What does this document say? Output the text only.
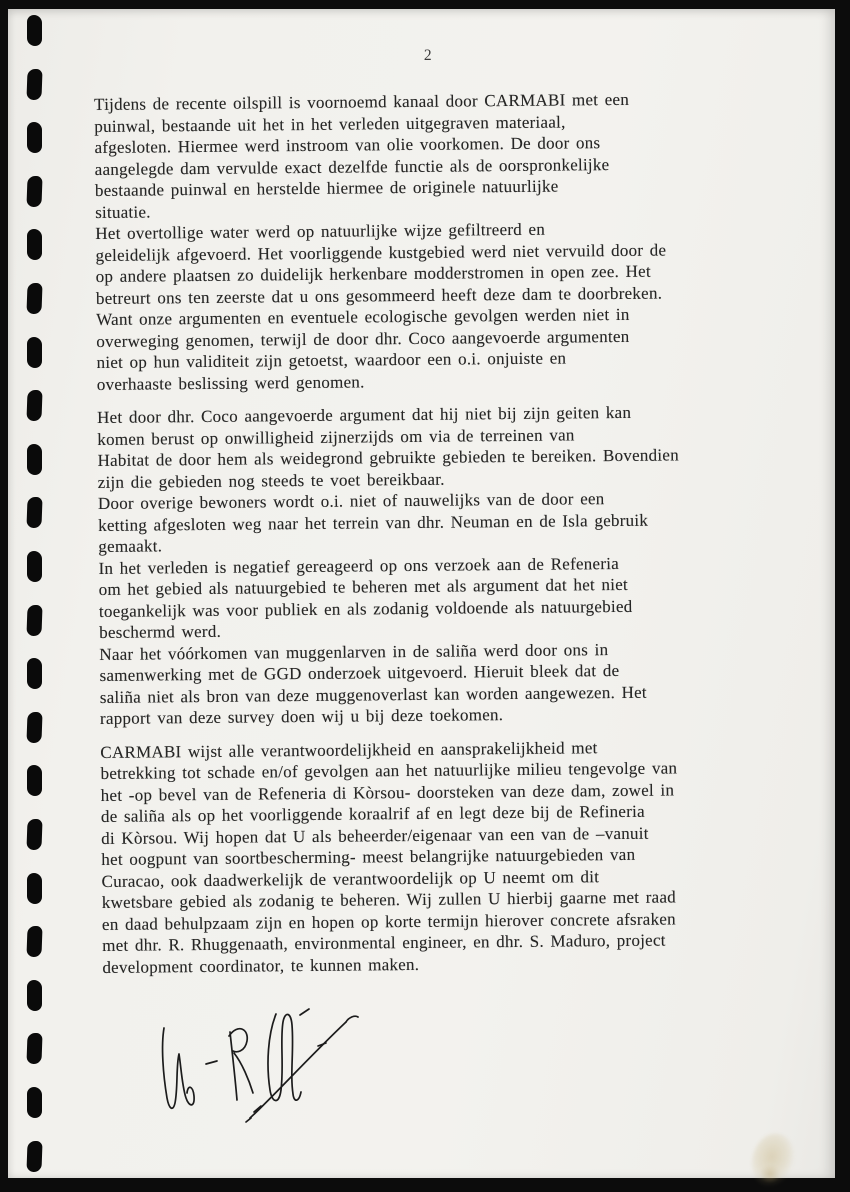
2
Tijdens de recente oilspill is voornoemd kanaal door CARMABI met een
puinwal, bestaande uit het in het verleden uitgegraven materiaal,
afgesloten. Hiermee werd instroom van olie voorkomen. De door ons
aangelegde dam vervulde exact dezelfde functie als de oorspronkelijke
bestaande puinwal en herstelde hiermee de originele natuurlijke
situatie.
Het overtollige water werd op natuurlijke wijze gefiltreerd en
geleidelijk afgevoerd. Het voorliggende kustgebied werd niet vervuild door de
op andere plaatsen zo duidelijk herkenbare modderstromen in open zee. Het
betreurt ons ten zeerste dat u ons gesommeerd heeft deze dam te doorbreken.
Want onze argumenten en eventuele ecologische gevolgen werden niet in
overweging genomen, terwijl de door dhr. Coco aangevoerde argumenten
niet op hun validiteit zijn getoetst, waardoor een o.i. onjuiste en
overhaaste beslissing werd genomen.
Het door dhr. Coco aangevoerde argument dat hij niet bij zijn geiten kan
komen berust op onwilligheid zijnerzijds om via de terreinen van
Habitat de door hem als weidegrond gebruikte gebieden te bereiken. Bovendien
zijn die gebieden nog steeds te voet bereikbaar.
Door overige bewoners wordt o.i. niet of nauwelijks van de door een
ketting afgesloten weg naar het terrein van dhr. Neuman en de Isla gebruik
gemaakt.
In het verleden is negatief gereageerd op ons verzoek aan de Refeneria
om het gebied als natuurgebied te beheren met als argument dat het niet
toegankelijk was voor publiek en als zodanig voldoende als natuurgebied
beschermd werd.
Naar het vóórkomen van muggenlarven in de saliña werd door ons in
samenwerking met de GGD onderzoek uitgevoerd. Hieruit bleek dat de
saliña niet als bron van deze muggenoverlast kan worden aangewezen. Het
rapport van deze survey doen wij u bij deze toekomen.
CARMABI wijst alle verantwoordelijkheid en aansprakelijkheid met
betrekking tot schade en/of gevolgen aan het natuurlijke milieu tengevolge van
het -op bevel van de Refeneria di Kòrsou- doorsteken van deze dam, zowel in
de saliña als op het voorliggende koraalrif af en legt deze bij de Refineria
di Kòrsou. Wij hopen dat U als beheerder/eigenaar van een van de –vanuit
het oogpunt van soortbescherming- meest belangrijke natuurgebieden van
Curacao, ook daadwerkelijk de verantwoordelijk op U neemt om dit
kwetsbare gebied als zodanig te beheren. Wij zullen U hierbij gaarne met raad
en daad behulpzaam zijn en hopen op korte termijn hierover concrete afsraken
met dhr. R. Rhuggenaath, environmental engineer, en dhr. S. Maduro, project
development coordinator, te kunnen maken.
